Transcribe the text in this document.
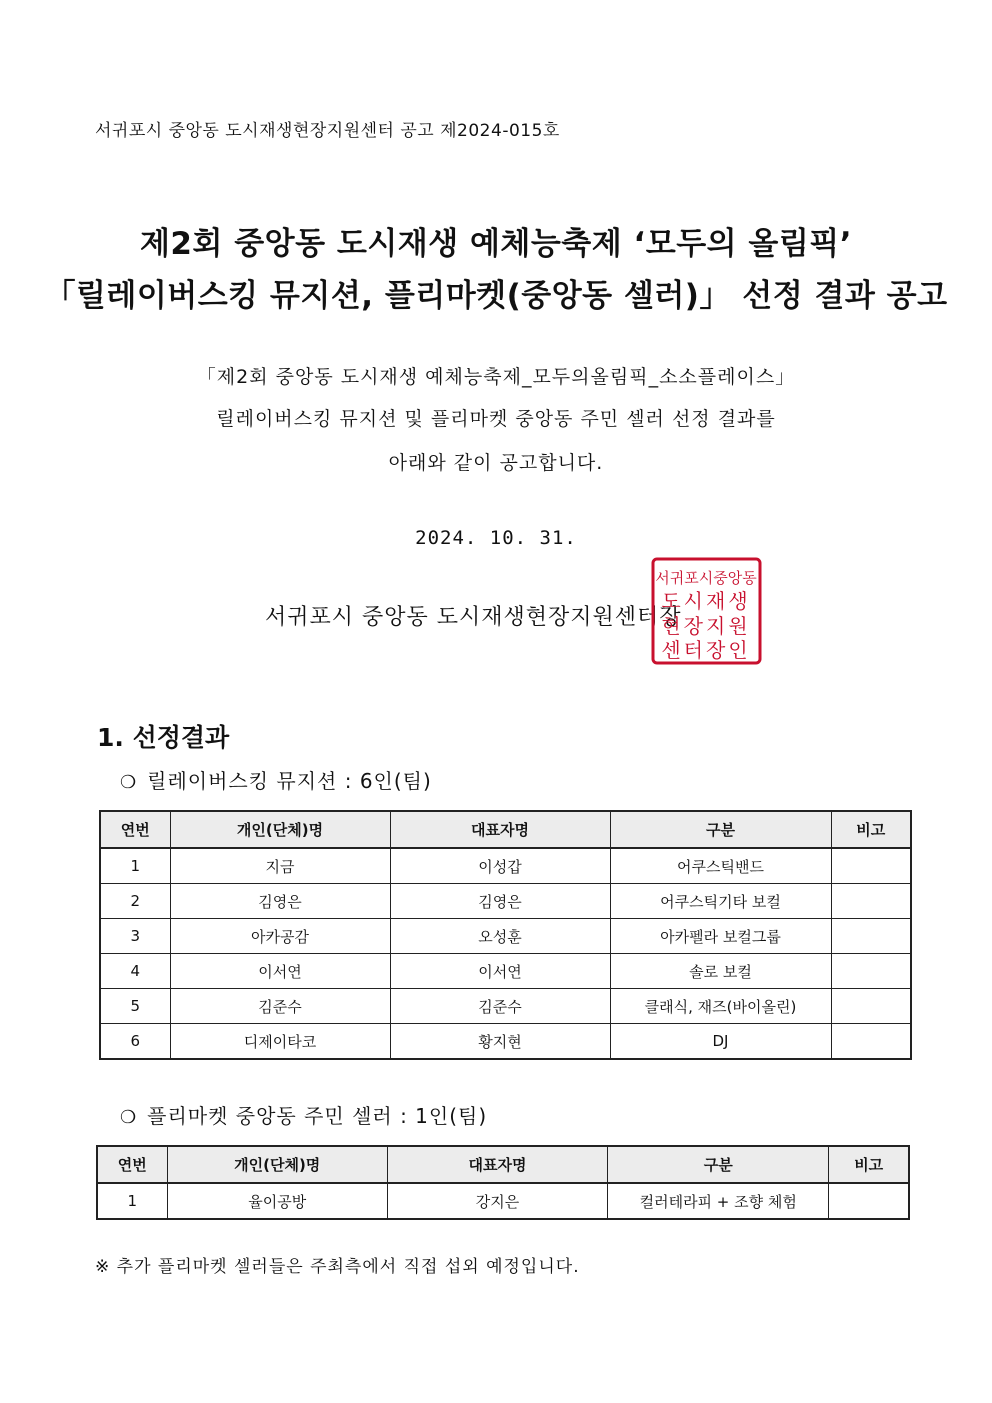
서귀포시 중앙동 도시재생현장지원센터 공고 제2024-015호
제2회 중앙동 도시재생 예체능축제 ‘모두의 올림픽’
「릴레이버스킹 뮤지션, 플리마켓(중앙동 셀러)」 선정 결과 공고
「제2회 중앙동 도시재생 예체능축제_모두의올림픽_소소플레이스」
릴레이버스킹 뮤지션 및 플리마켓 중앙동 주민 셀러 선정 결과를
아래와 같이 공고합니다.
2024. 10. 31.
서귀포시 중앙동 도시재생현장지원센터장
서귀포시중앙동
도시재생
현장지원
센터장인
1. 선정결과
❍ 릴레이버스킹 뮤지션 : 6인(팀)
연번	개인(단체)명	대표자명	구분	비고
1	지금	이성갑	어쿠스틱밴드	
2	김영은	김영은	어쿠스틱기타 보컬	
3	아카공감	오성훈	아카펠라 보컬그룹	
4	이서연	이서연	솔로 보컬	
5	김준수	김준수	클래식, 재즈(바이올린)	
6	디제이타코	황지현	DJ	
❍ 플리마켓 중앙동 주민 셀러 : 1인(팀)
연번	개인(단체)명	대표자명	구분	비고
1	율이공방	강지은	컬러테라피 + 조향 체험	
※ 추가 플리마켓 셀러들은 주최측에서 직접 섭외 예정입니다.
